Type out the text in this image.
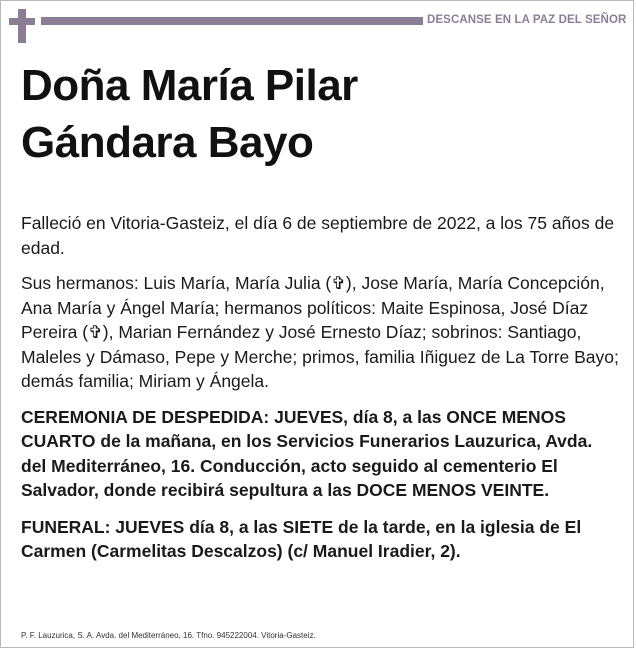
DESCANSE EN LA PAZ DEL SEÑOR
Doña María Pilar
Gándara Bayo

Falleció en Vitoria-Gasteiz, el día 6 de septiembre de 2022, a los 75 años de edad.

Sus hermanos: Luis María, María Julia (✞), Jose María, María Concepción, Ana María y Ángel María; hermanos políticos: Maite Espinosa, José Díaz Pereira (✞), Marian Fernández y José Ernesto Díaz; sobrinos: Santiago, Maleles y Dámaso, Pepe y Merche; primos, familia Iñiguez de La Torre Bayo; demás familia; Miriam y Ángela.

CEREMONIA DE DESPEDIDA: JUEVES, día 8, a las ONCE MENOS CUARTO de la mañana, en los Servicios Funerarios Lauzurica, Avda. del Mediterráneo, 16. Conducción, acto seguido al cementerio El Salvador, donde recibirá sepultura a las DOCE MENOS VEINTE.

FUNERAL: JUEVES día 8, a las SIETE de la tarde, en la iglesia de El Carmen (Carmelitas Descalzos) (c/ Manuel Iradier, 2).

P. F. Lauzurica, S. A. Avda. del Mediterráneo, 16. Tfno. 945222004. Vitoria-Gasteiz.
